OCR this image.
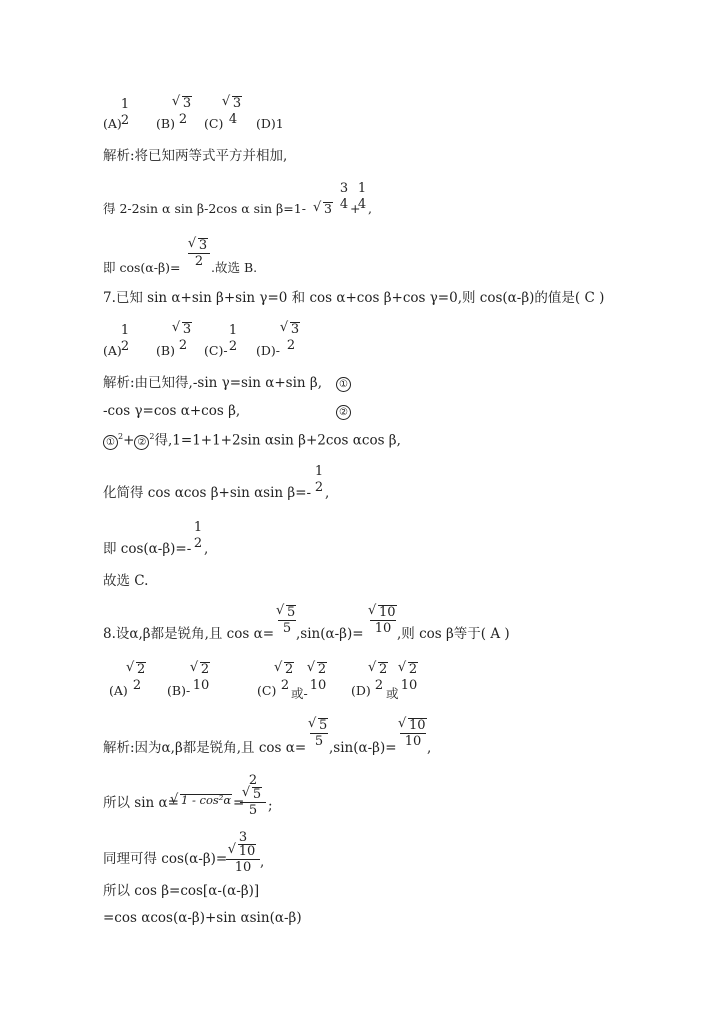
(A)
1
2 (B)
√ 3
2	(C)
√ 3
4	(D)1
解析:将已知两等式平方并相加,
得 2-2sin α sin β-2cos α sin β=1-	√ 3
3
4 +
1
4 ,
即 cos(α-β)=
√ 3
2 .故选 B.
7.已知 sin α+sin β+sin γ=0 和 cos α+cos β+cos γ=0,则 cos(α-β)的值是( C )
(A)
1
2 (B)
√ 3
2	(C)-
1
2 (D)-
√ 3
2
解析:由已知得,-sin γ=sin α+sin β,	①
-cos γ=cos α+cos β,	②
① $^2$+ ② $^2$得,1=1+1+2sin αsin β+2cos αcos β,
化简得 cos αcos β+sin αsin β=-
1
2 ,
即 cos(α-β)=-
1
2 ,
故选 C.
8.设α,β都是锐角,且 cos α=
√ 5
5 ,sin(α-β)=
√ 10
10 ,则 cos β等于( A )
(A)
√ 2
2	(B)-
√ 2
10	(C)
√ 2
2
或-
√ 2
10 (D)
√ 2
2
或
√ 2
10
解析:因为α,β都是锐角,且 cos α=
√ 5
5 ,sin(α-β)=
√ 10
10 ,
所以 sin α= √ 1 - cos²α =
2√ 5
5 ;
同理可得 cos(α-β)=
3√ 10
10 ,
所以 cos β=cos[α-(α-β)]
=cos αcos(α-β)+sin αsin(α-β)
